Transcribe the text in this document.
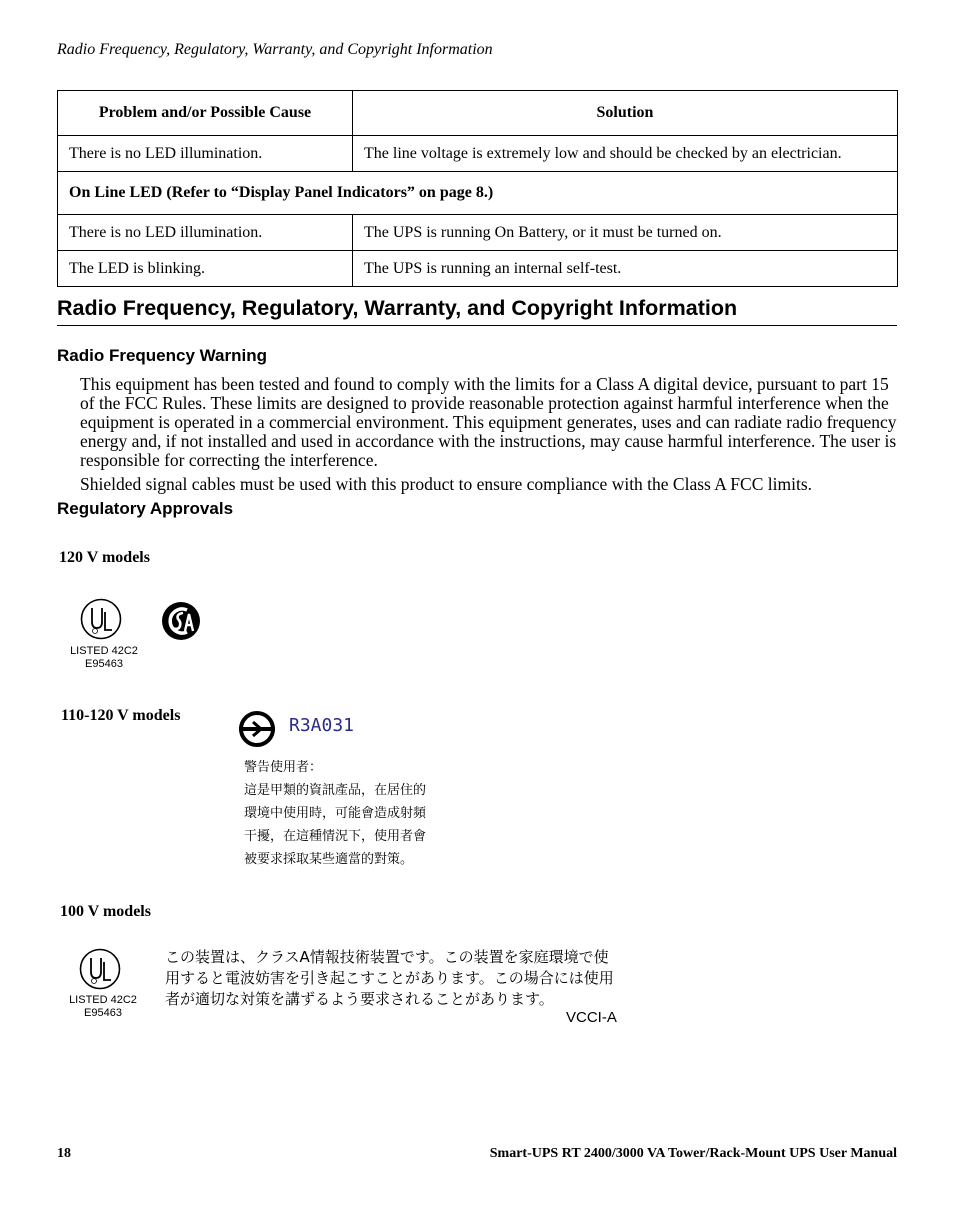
Radio Frequency, Regulatory, Warranty, and Copyright Information
Problem and/or Possible Cause	Solution
There is no LED illumination.	The line voltage is extremely low and should be checked by an electrician.
On Line LED (Refer to “Display Panel Indicators” on page 8.)	
There is no LED illumination.	The UPS is running On Battery, or it must be turned on.
The LED is blinking.	The UPS is running an internal self-test.
Radio Frequency, Regulatory, Warranty, and Copyright Information
Radio Frequency Warning

This equipment has been tested and found to comply with the limits for a Class A digital device, pursuant to part 15 of the FCC Rules. These limits are designed to provide reasonable protection against harmful interference when the equipment is operated in a commercial environment. This equipment generates, uses and can radiate radio frequency energy and, if not installed and used in accordance with the instructions, may cause harmful interference. The user is responsible for correcting the interference.

Shielded signal cables must be used with this product to ensure compliance with the Class A FCC limits.

Regulatory Approvals
120 V models
LISTED 42C2
E95463
110-120 V models	R3A031
警告使用者：
這是甲類的資訊產品，在居住的
環境中使用時，可能會造成射頻
干擾，在這種情況下，使用者會
被要求採取某些適當的對策。
100 V models
LISTED 42C2
E95463
この装置は、クラスA情報技術装置です。この装置を家庭環境で使
用すると電波妨害を引き起こすことがあります。この場合には使用
者が適切な対策を講ずるよう要求されることがあります。
VCCI-A
18	Smart-UPS RT 2400/3000 VA Tower/Rack-Mount UPS User Manual
